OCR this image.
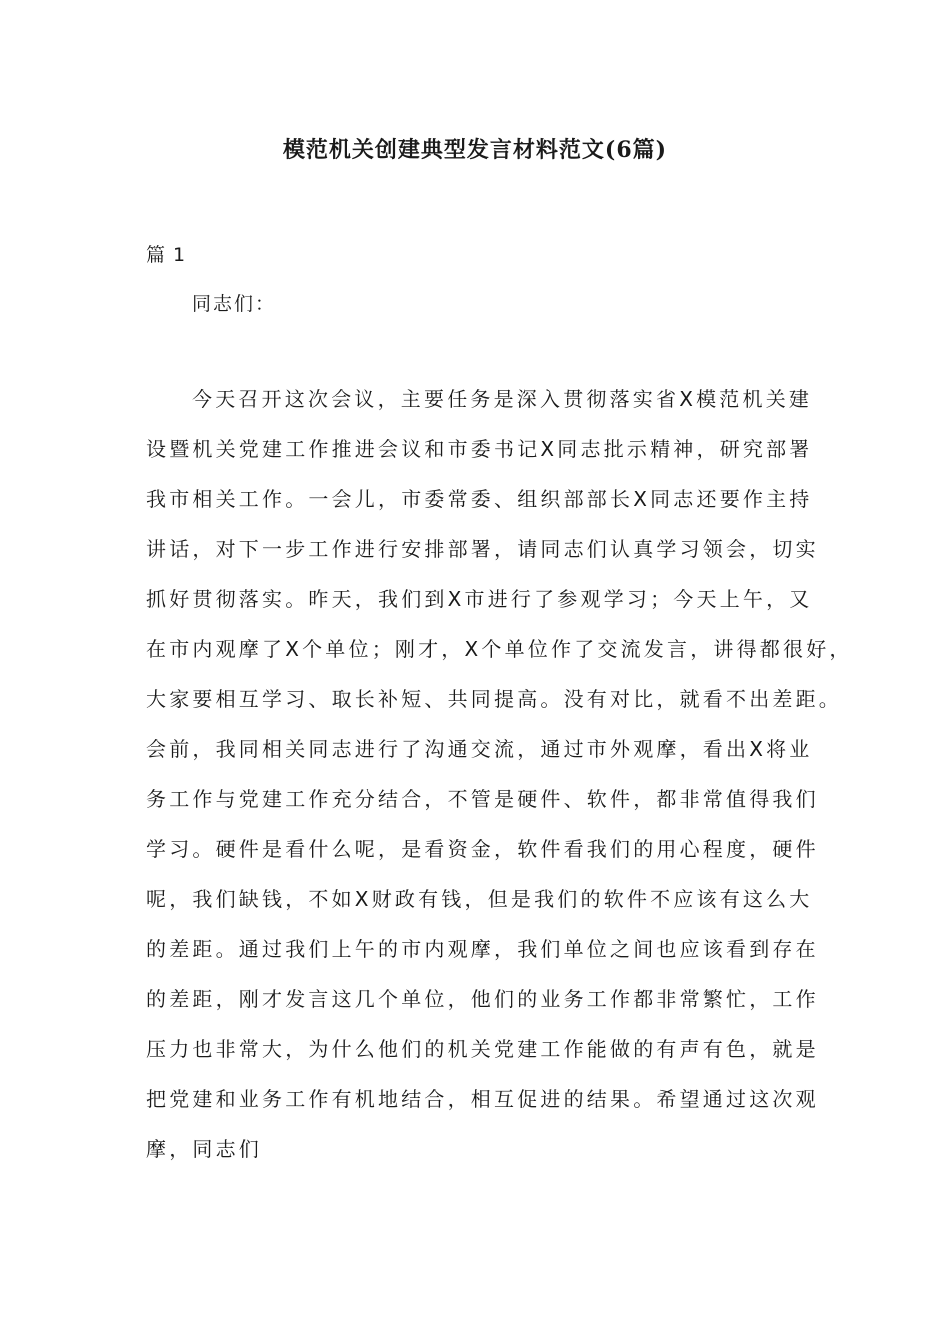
模范机关创建典型发言材料范文(6篇)
篇 1
同志们：
今天召开这次会议，主要任务是深入贯彻落实省X模范机关建
设暨机关党建工作推进会议和市委书记X同志批示精神，研究部署
我市相关工作。一会儿，市委常委、组织部部长X同志还要作主持
讲话，对下一步工作进行安排部署，请同志们认真学习领会，切实
抓好贯彻落实。昨天，我们到X市进行了参观学习；今天上午，又
在市内观摩了X个单位；刚才，X个单位作了交流发言，讲得都很好，
大家要相互学习、取长补短、共同提高。没有对比，就看不出差距。
会前，我同相关同志进行了沟通交流，通过市外观摩，看出X将业
务工作与党建工作充分结合，不管是硬件、软件，都非常值得我们
学习。硬件是看什么呢，是看资金，软件看我们的用心程度，硬件
呢，我们缺钱，不如X财政有钱，但是我们的软件不应该有这么大
的差距。通过我们上午的市内观摩，我们单位之间也应该看到存在
的差距，刚才发言这几个单位，他们的业务工作都非常繁忙，工作
压力也非常大，为什么他们的机关党建工作能做的有声有色，就是
把党建和业务工作有机地结合，相互促进的结果。希望通过这次观
摩，同志们
